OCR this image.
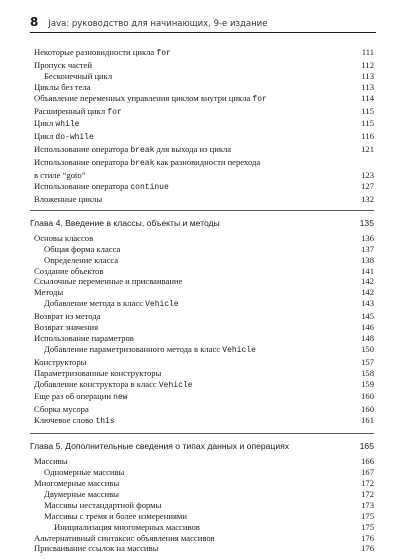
8 Java: руководство для начинающих, 9-е издание
Некоторые разновидности цикла for	111
Пропуск частей	112
Бесконечный цикл	113
Циклы без тела	113
Объявление переменных управления циклом внутри цикла for	114
Расширенный цикл for	115
Цикл while	115
Цикл do-while	116
Использование оператора break для выхода из цикла	121
Использование оператора break как разновидности перехода
в стиле “goto”	123
Использование оператора continue	127
Вложенные циклы	132
Глава 4. Введение в классы, объекты и методы	135
Основы классов	136
Общая форма класса	137
Определение класса	138
Создание объектов	141
Ссылочные переменные и присваивание	142
Методы	142
Добавление метода в класс Vehicle	143
Возврат из метода	145
Возврат значения	146
Использование параметров	148
Добавление параметризованного метода в класс Vehicle	150
Конструкторы	157
Параметризованные конструкторы	158
Добавление конструктора в класс Vehicle	159
Еще раз об операции new	160
Сборка мусора	160
Ключевое слово this	161
Глава 5. Дополнительные сведения о типах данных и операциях	165
Массивы	166
Одномерные массивы	167
Многомерные массивы	172
Двумерные массивы	172
Массивы нестандартной формы	173
Массивы с тремя и более измерениями	175
Инициализация многомерных массивов	175
Альтернативный синтаксис объявления массивов	176
Присваивание ссылок на массивы	176
